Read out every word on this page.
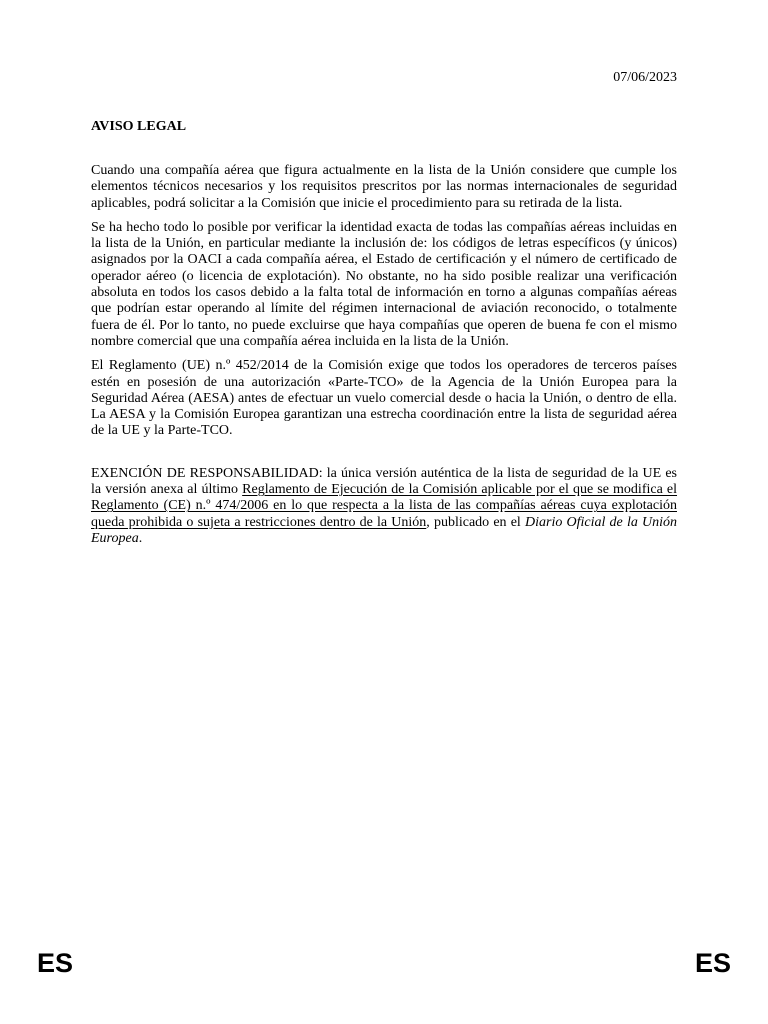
07/06/2023
AVISO LEGAL

Cuando una compañía aérea que figura actualmente en la lista de la Unión considere que cumple los elementos técnicos necesarios y los requisitos prescritos por las normas internacionales de seguridad aplicables, podrá solicitar a la Comisión que inicie el procedimiento para su retirada de la lista.

Se ha hecho todo lo posible por verificar la identidad exacta de todas las compañías aéreas incluidas en la lista de la Unión, en particular mediante la inclusión de: los códigos de letras específicos (y únicos) asignados por la OACI a cada compañía aérea, el Estado de certificación y el número de certificado de operador aéreo (o licencia de explotación). No obstante, no ha sido posible realizar una verificación absoluta en todos los casos debido a la falta total de información en torno a algunas compañías aéreas que podrían estar operando al límite del régimen internacional de aviación reconocido, o totalmente fuera de él. Por lo tanto, no puede excluirse que haya compañías que operen de buena fe con el mismo nombre comercial que una compañía aérea incluida en la lista de la Unión.

El Reglamento (UE) n.º 452/2014 de la Comisión exige que todos los operadores de terceros países estén en posesión de una autorización «Parte-TCO» de la Agencia de la Unión Europea para la Seguridad Aérea (AESA) antes de efectuar un vuelo comercial desde o hacia la Unión, o dentro de ella. La AESA y la Comisión Europea garantizan una estrecha coordinación entre la lista de seguridad aérea de la UE y la Parte-TCO.

EXENCIÓN DE RESPONSABILIDAD: la única versión auténtica de la lista de seguridad de la UE es la versión anexa al último Reglamento de Ejecución de la Comisión aplicable por el que se modifica el Reglamento (CE) n.º 474/2006 en lo que respecta a la lista de las compañías aéreas cuya explotación queda prohibida o sujeta a restricciones dentro de la Unión, publicado en el Diario Oficial de la Unión Europea.

ES	ES
